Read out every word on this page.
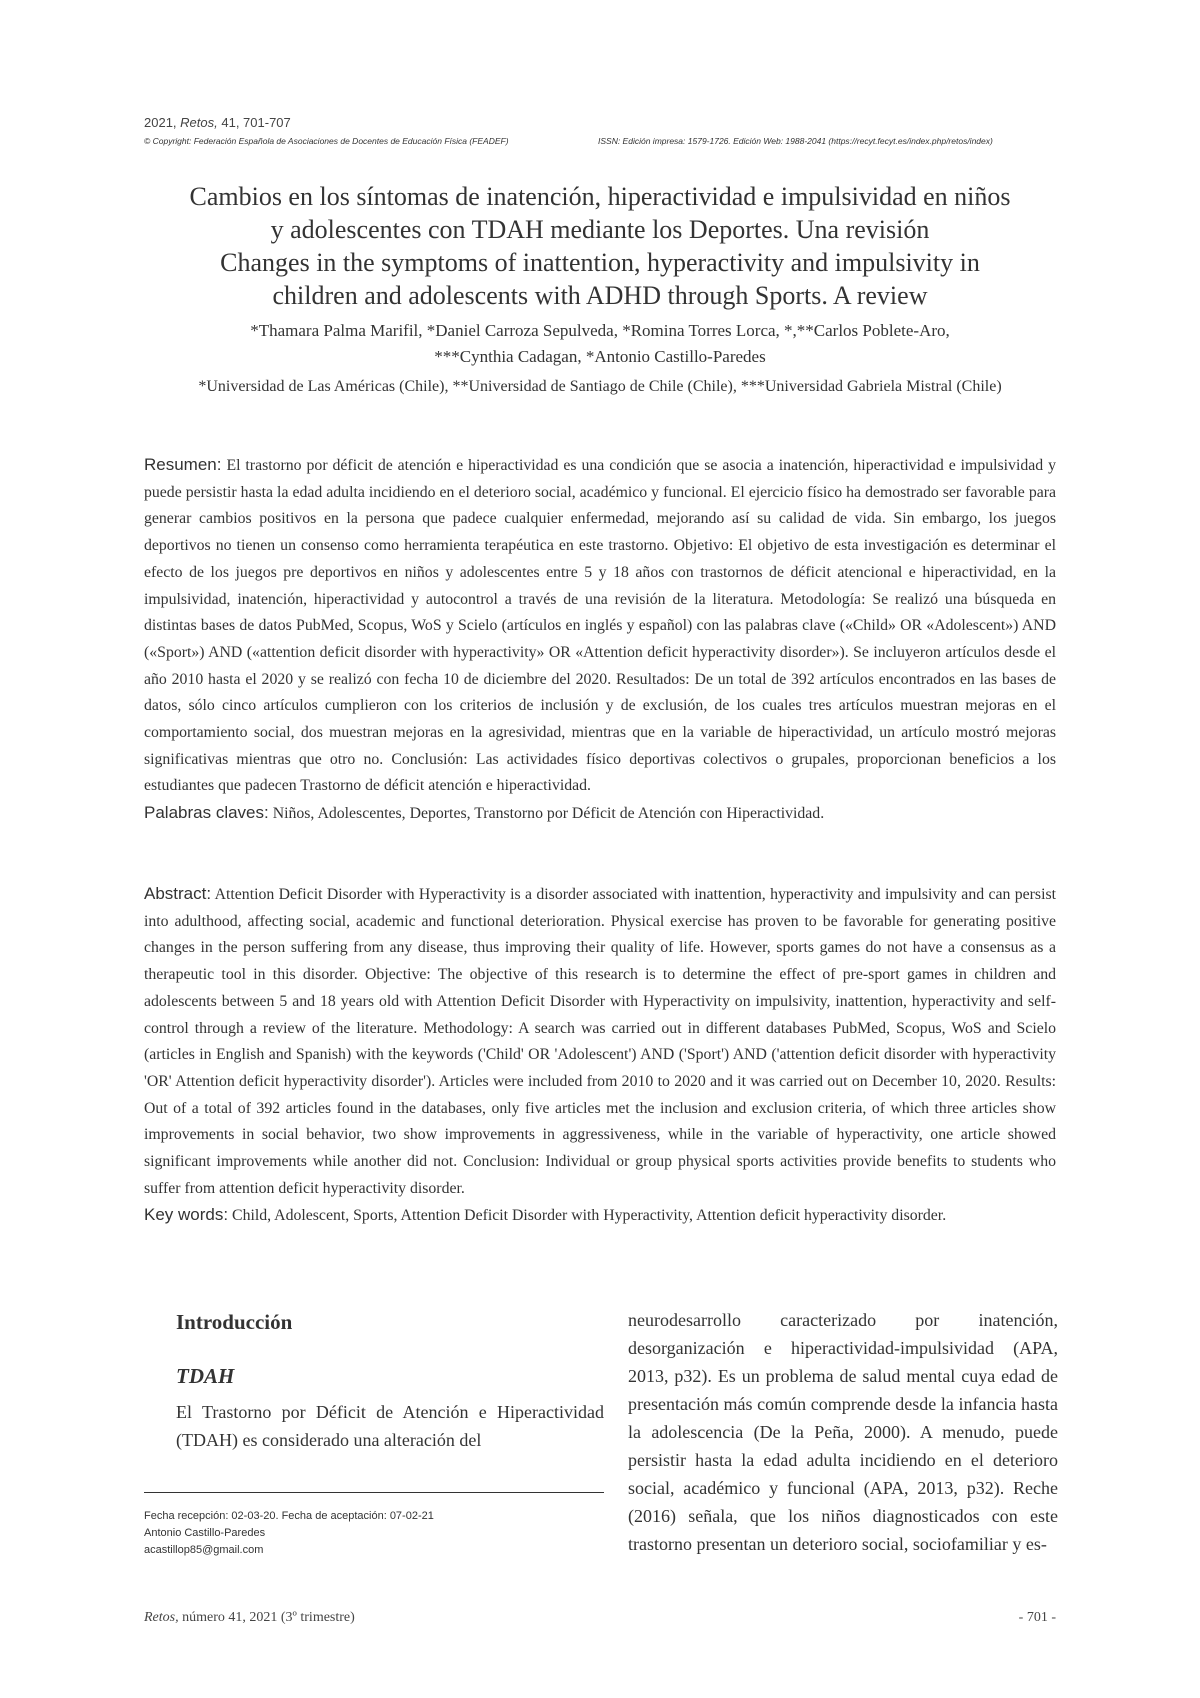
2021, Retos, 41, 701-707
© Copyright: Federación Española de Asociaciones de Docentes de Educación Física (FEADEF)	ISSN: Edición impresa: 1579-1726. Edición Web: 1988-2041 (https://recyt.fecyt.es/index.php/retos/index)
Cambios en los síntomas de inatención, hiperactividad e impulsividad en niños
y adolescentes con TDAH mediante los Deportes. Una revisión
Changes in the symptoms of inattention, hyperactivity and impulsivity in
children and adolescents with ADHD through Sports. A review
*Thamara Palma Marifil, *Daniel Carroza Sepulveda, *Romina Torres Lorca, *,**Carlos Poblete-Aro,
***Cynthia Cadagan, *Antonio Castillo-Paredes
*Universidad de Las Américas (Chile), **Universidad de Santiago de Chile (Chile), ***Universidad Gabriela Mistral (Chile)
Resumen: El trastorno por déficit de atención e hiperactividad es una condición que se asocia a inatención, hiperactividad e impulsividad y puede persistir hasta la edad adulta incidiendo en el deterioro social, académico y funcional. El ejercicio físico ha demostrado ser favorable para generar cambios positivos en la persona que padece cualquier enfermedad, mejorando así su calidad de vida. Sin embargo, los juegos deportivos no tienen un consenso como herramienta terapéutica en este trastorno. Objetivo: El objetivo de esta investigación es determinar el efecto de los juegos pre deportivos en niños y adolescentes entre 5 y 18 años con trastornos de déficit atencional e hiperactividad, en la impulsividad, inatención, hiperactividad y autocontrol a través de una revisión de la literatura. Metodología: Se realizó una búsqueda en distintas bases de datos PubMed, Scopus, WoS y Scielo (artículos en inglés y español) con las palabras clave («Child» OR «Adolescent») AND («Sport») AND («attention deficit disorder with hyperactivity» OR «Attention deficit hyperactivity disorder»). Se incluyeron artículos desde el año 2010 hasta el 2020 y se realizó con fecha 10 de diciembre del 2020. Resultados: De un total de 392 artículos encontrados en las bases de datos, sólo cinco artículos cumplieron con los criterios de inclusión y de exclusión, de los cuales tres artículos muestran mejoras en el comportamiento social, dos muestran mejoras en la agresividad, mientras que en la variable de hiperactividad, un artículo mostró mejoras significativas mientras que otro no. Conclusión: Las actividades físico deportivas colectivos o grupales, proporcionan beneficios a los estudiantes que padecen Trastorno de déficit atención e hiperactividad.
Palabras claves: Niños, Adolescentes, Deportes, Transtorno por Déficit de Atención con Hiperactividad.
Abstract: Attention Deficit Disorder with Hyperactivity is a disorder associated with inattention, hyperactivity and impulsivity and can persist into adulthood, affecting social, academic and functional deterioration. Physical exercise has proven to be favorable for generating positive changes in the person suffering from any disease, thus improving their quality of life. However, sports games do not have a consensus as a therapeutic tool in this disorder. Objective: The objective of this research is to determine the effect of pre-sport games in children and adolescents between 5 and 18 years old with Attention Deficit Disorder with Hyperactivity on impulsivity, inattention, hyperactivity and self-control through a review of the literature. Methodology: A search was carried out in different databases PubMed, Scopus, WoS and Scielo (articles in English and Spanish) with the keywords ('Child' OR 'Adolescent') AND ('Sport') AND ('attention deficit disorder with hyperactivity 'OR' Attention deficit hyperactivity disorder'). Articles were included from 2010 to 2020 and it was carried out on December 10, 2020. Results: Out of a total of 392 articles found in the databases, only five articles met the inclusion and exclusion criteria, of which three articles show improvements in social behavior, two show improvements in aggressiveness, while in the variable of hyperactivity, one article showed significant improvements while another did not. Conclusion: Individual or group physical sports activities provide benefits to students who suffer from attention deficit hyperactivity disorder.
Key words: Child, Adolescent, Sports, Attention Deficit Disorder with Hyperactivity, Attention deficit hyperactivity disorder.
Introducción
TDAH

El Trastorno por Déficit de Atención e Hiperactividad (TDAH) es considerado una alteración del

neurodesarrollo caracterizado por inatención, desorganización e hiperactividad-impulsividad (APA, 2013, p32). Es un problema de salud mental cuya edad de presentación más común comprende desde la infancia hasta la adolescencia (De la Peña, 2000). A menudo, puede persistir hasta la edad adulta incidiendo en el deterioro social, académico y funcional (APA, 2013, p32). Reche (2016) señala, que los niños diagnosticados con este trastorno presentan un deterioro social, sociofamiliar y es-
Fecha recepción: 02-03-20. Fecha de aceptación: 07-02-21
Antonio Castillo-Paredes
acastillop85@gmail.com
Retos, número 41, 2021 (3º trimestre)	- 701 -
